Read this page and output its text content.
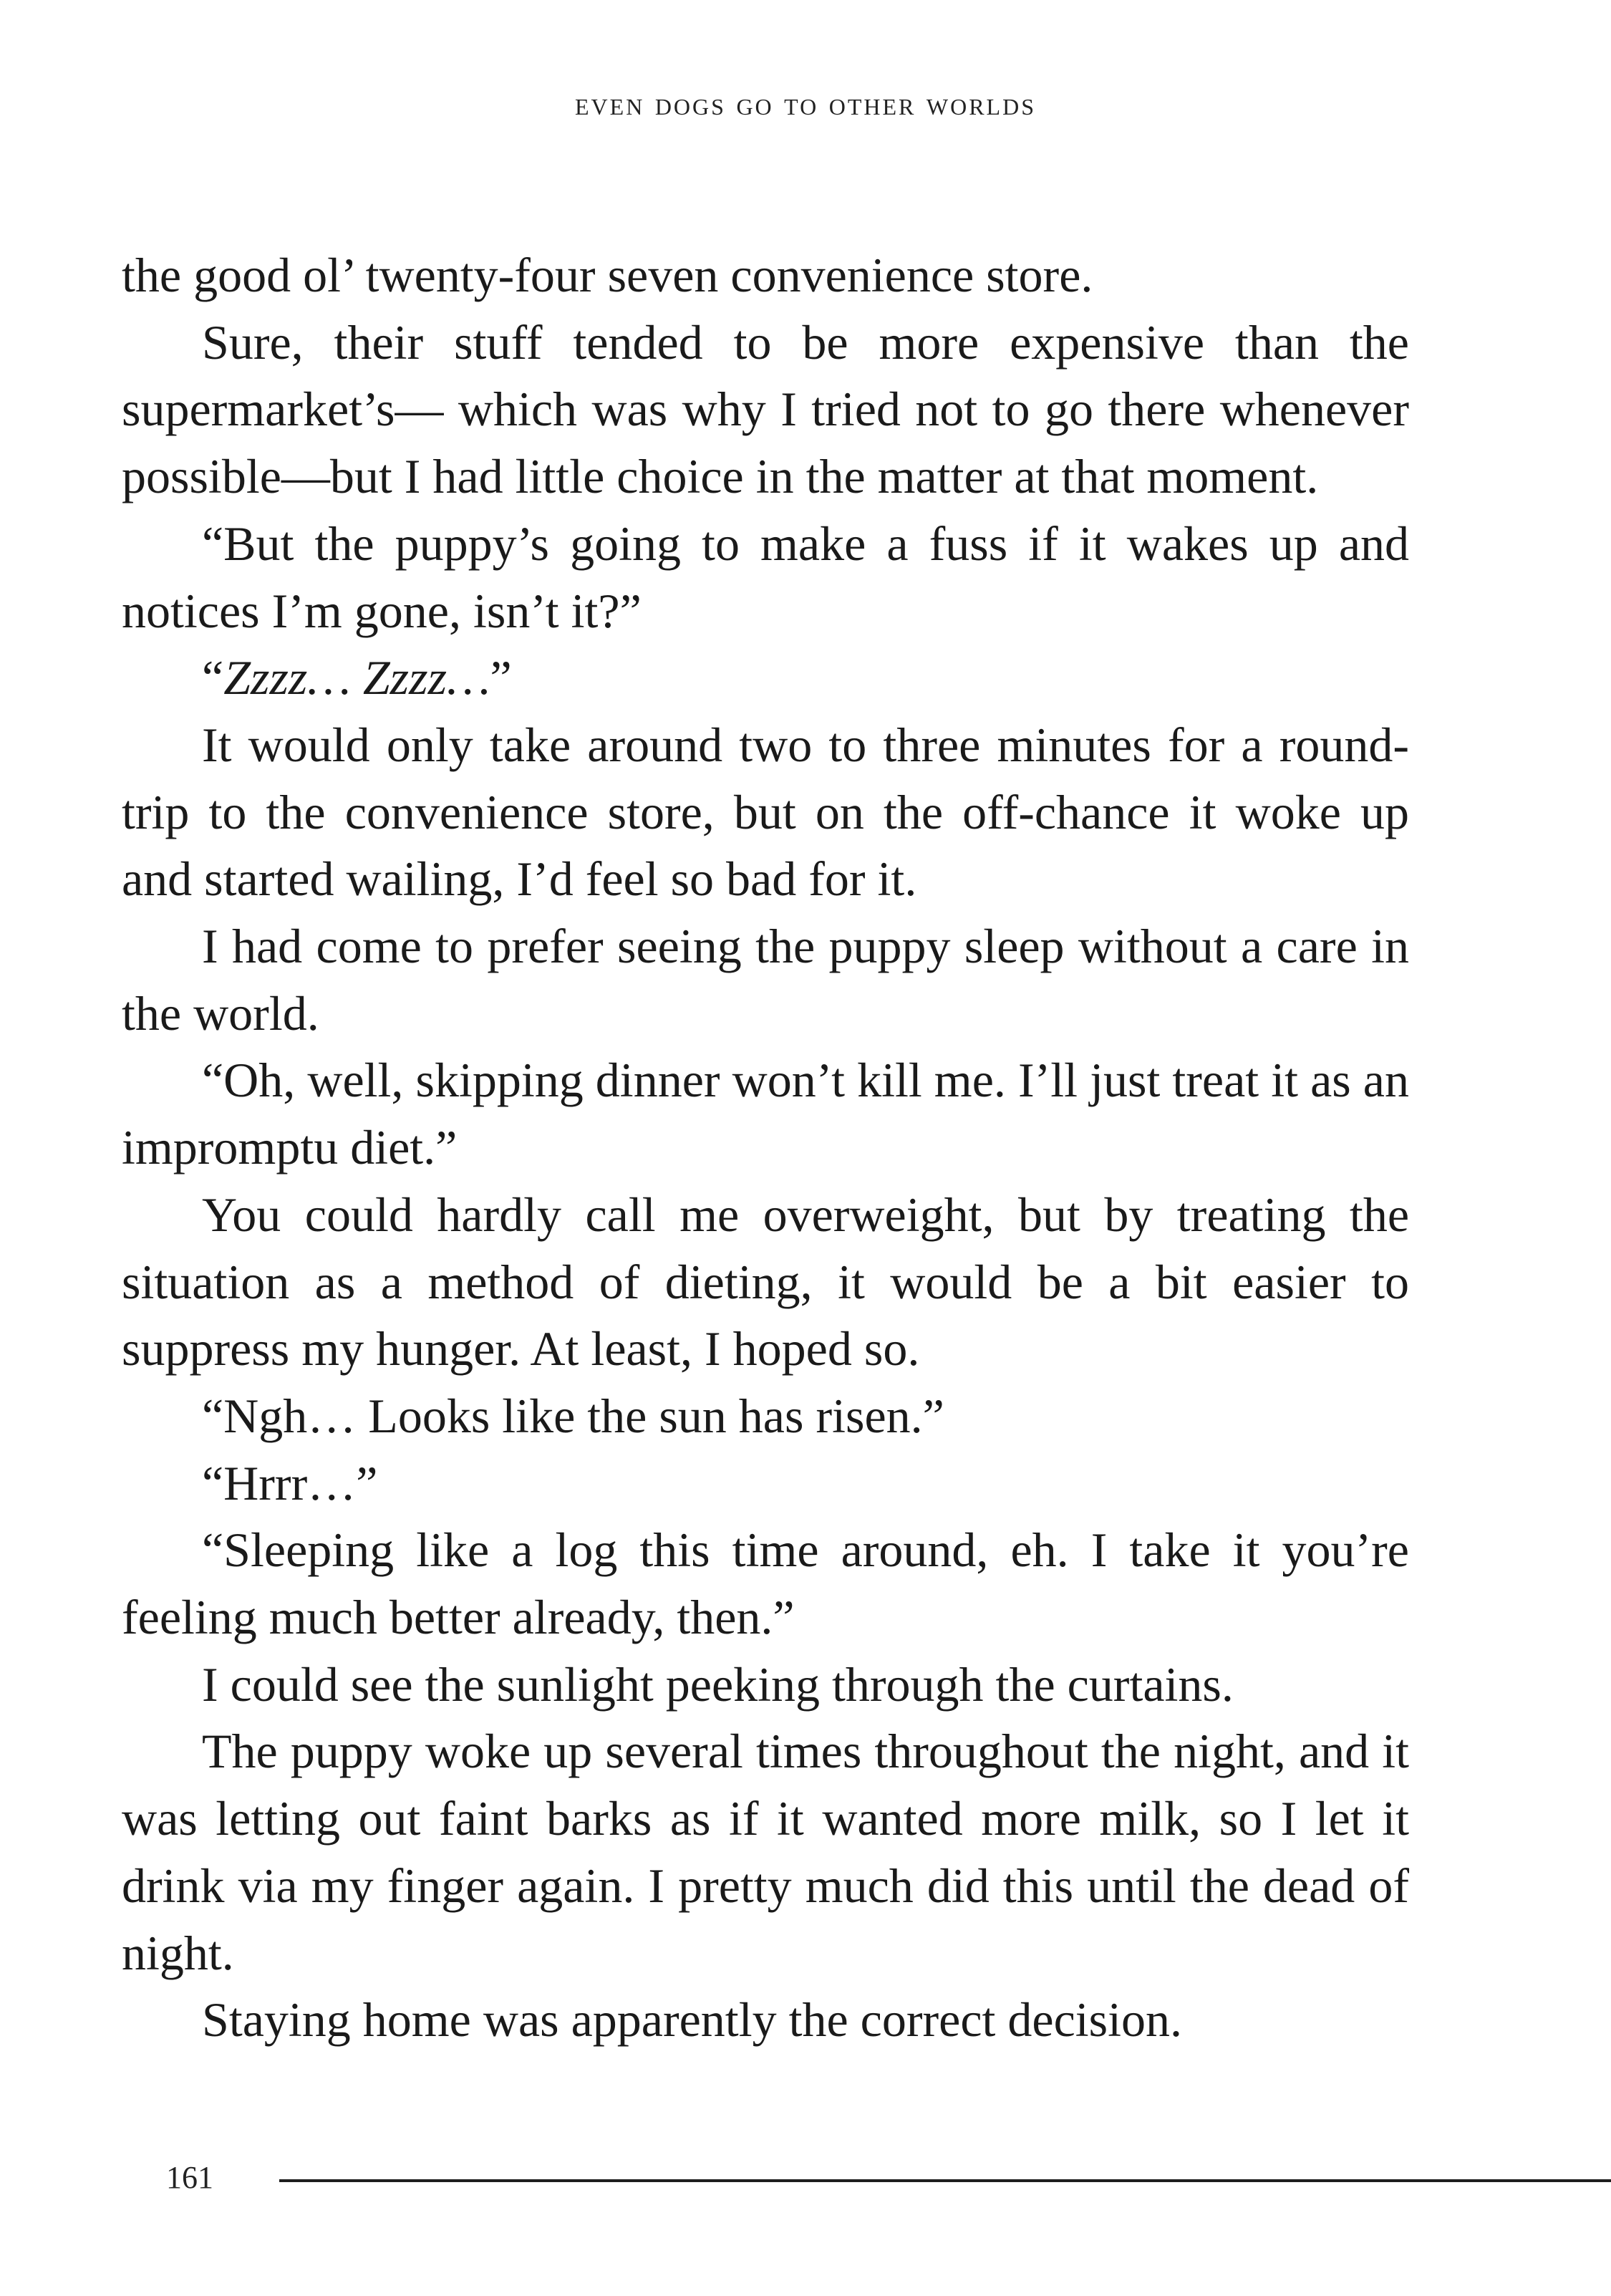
even dogs go to other worlds

the good ol’ twenty-four seven convenience store.

Sure, their stuff tended to be more expensive than the supermarket’s— which was why I tried not to go there whenever possible—but I had little choice in the matter at that moment.

“But the puppy’s going to make a fuss if it wakes up and notices I’m gone, isn’t it?”

“Zzzz… Zzzz…”

It would only take around two to three minutes for a round-trip to the convenience store, but on the off-chance it woke up and started wailing, I’d feel so bad for it.

I had come to prefer seeing the puppy sleep without a care in the world.

“Oh, well, skipping dinner won’t kill me. I’ll just treat it as an impromptu diet.”

You could hardly call me overweight, but by treating the situation as a method of dieting, it would be a bit easier to suppress my hunger. At least, I hoped so.

“Ngh… Looks like the sun has risen.”

“Hrrr…”

“Sleeping like a log this time around, eh. I take it you’re feeling much better already, then.”

I could see the sunlight peeking through the curtains.

The puppy woke up several times throughout the night, and it was letting out faint barks as if it wanted more milk, so I let it drink via my finger again. I pretty much did this until the dead of night.

Staying home was apparently the correct decision.

161
